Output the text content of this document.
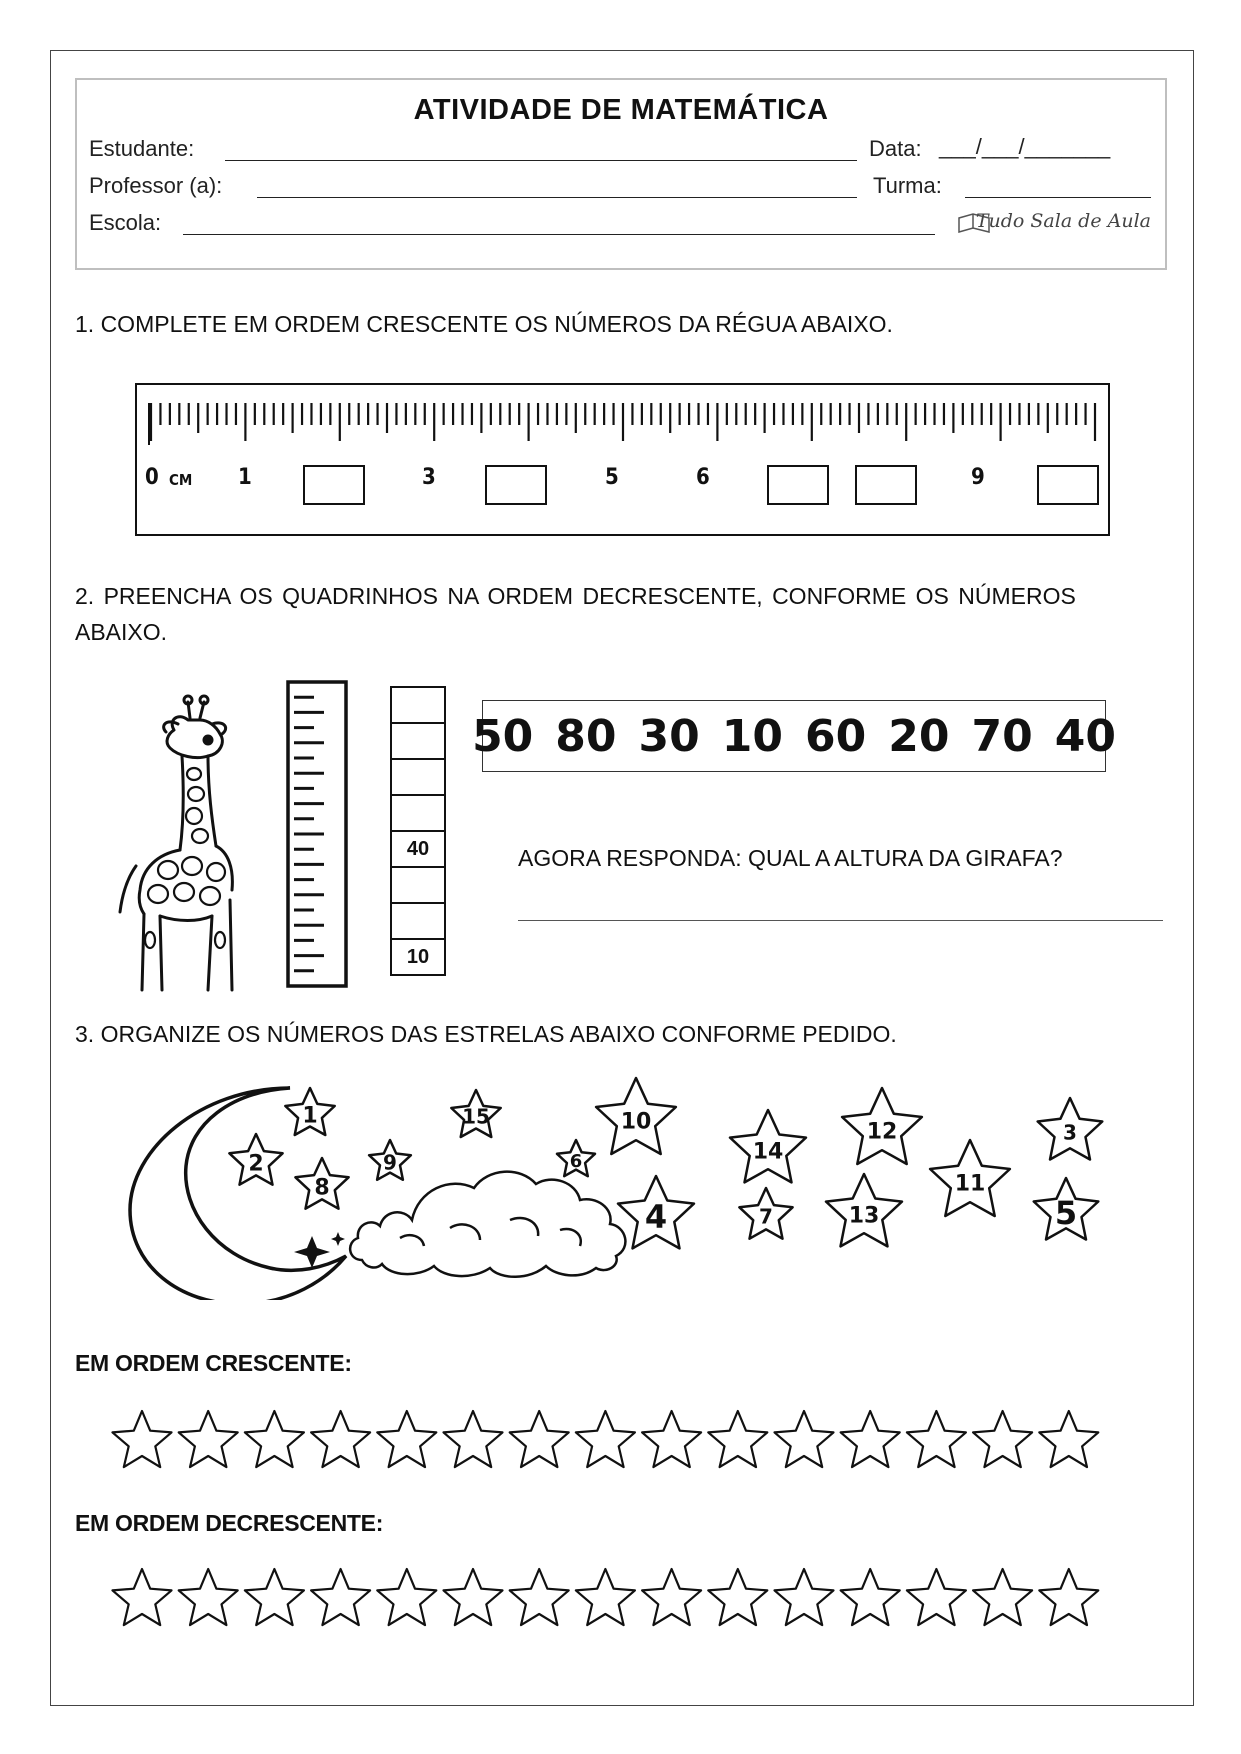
ATIVIDADE DE MATEMÁTICA
Estudante:	Data: ___/___/_______
Professor (a):	Turma:
Escola:	Tudo Sala de Aula
1. COMPLETE EM ORDEM CRESCENTE OS NÚMEROS DA RÉGUA ABAIXO.
0 CM 1	3	5	6	9
2. PREENCHA OS QUADRINHOS NA ORDEM DECRESCENTE, CONFORME OS NÚMEROS
ABAIXO.
40
10
50 80 30 10 60 20 70 40
AGORA RESPONDA: QUAL A ALTURA DA GIRAFA?
3. ORGANIZE OS NÚMEROS DAS ESTRELAS ABAIXO CONFORME PEDIDO.
1
2
8
9
15
6
10
4
14
7
12
13
11
3
5
EM ORDEM CRESCENTE:
EM ORDEM DECRESCENTE:
